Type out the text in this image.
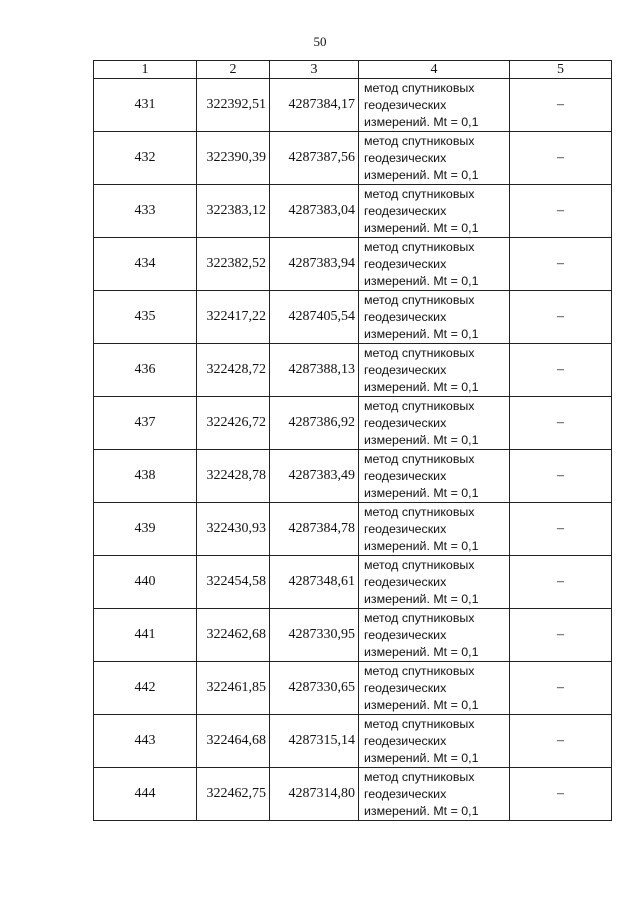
50
1	2	3	4	5
431	322392,51	4287384,17	метод спутниковых
геодезических
измерений. Mt = 0,1	–
432	322390,39	4287387,56	метод спутниковых
геодезических
измерений. Mt = 0,1	–
433	322383,12	4287383,04	метод спутниковых
геодезических
измерений. Mt = 0,1	–
434	322382,52	4287383,94	метод спутниковых
геодезических
измерений. Mt = 0,1	–
435	322417,22	4287405,54	метод спутниковых
геодезических
измерений. Mt = 0,1	–
436	322428,72	4287388,13	метод спутниковых
геодезических
измерений. Mt = 0,1	–
437	322426,72	4287386,92	метод спутниковых
геодезических
измерений. Mt = 0,1	–
438	322428,78	4287383,49	метод спутниковых
геодезических
измерений. Mt = 0,1	–
439	322430,93	4287384,78	метод спутниковых
геодезических
измерений. Mt = 0,1	–
440	322454,58	4287348,61	метод спутниковых
геодезических
измерений. Mt = 0,1	–
441	322462,68	4287330,95	метод спутниковых
геодезических
измерений. Mt = 0,1	–
442	322461,85	4287330,65	метод спутниковых
геодезических
измерений. Mt = 0,1	–
443	322464,68	4287315,14	метод спутниковых
геодезических
измерений. Mt = 0,1	–
444	322462,75	4287314,80	метод спутниковых
геодезических
измерений. Mt = 0,1	–
